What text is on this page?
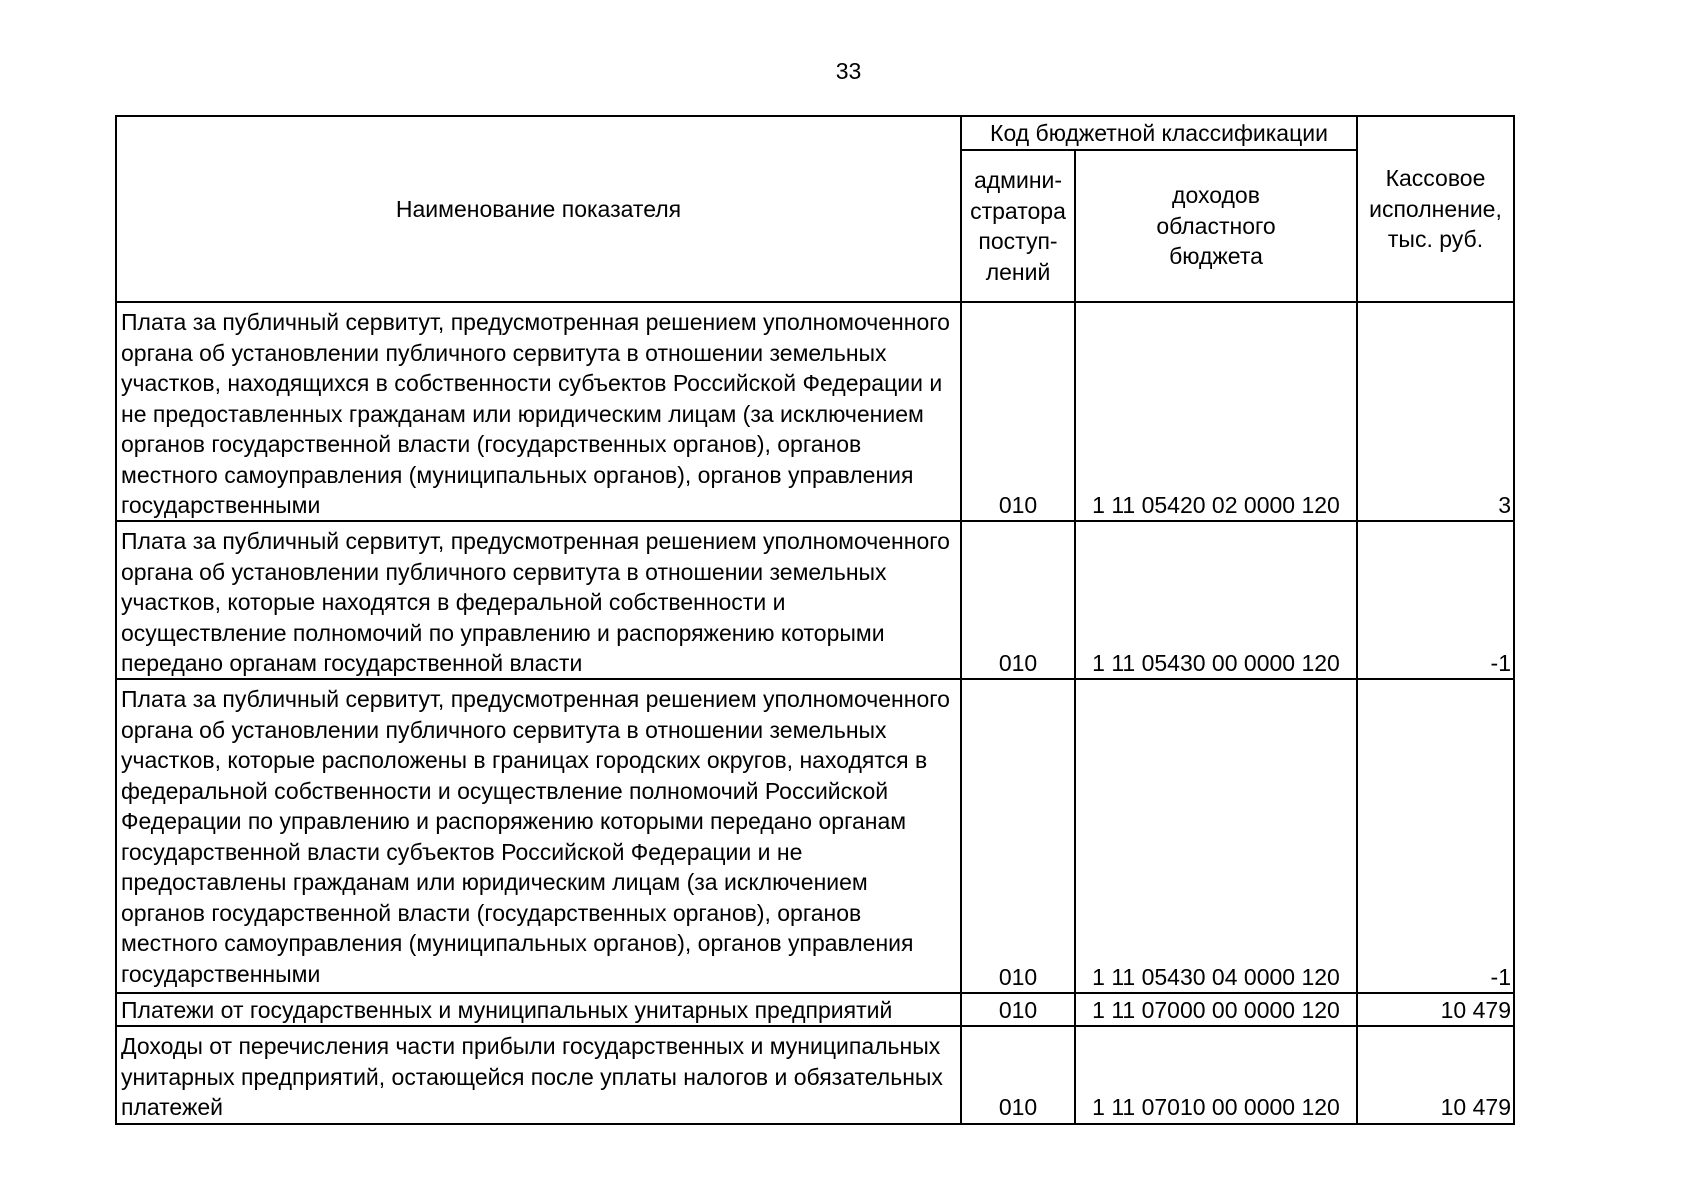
33
Наименование показателя	Код бюджетной классификации		Кассовое
исполнение,
тыс. руб.

	админи-
стратора
поступ-
лений	доходов
областного
бюджета	

Плата за публичный сервитут, предусмотренная решением уполномоченного органа об установлении публичного сервитута в отношении земельных участков, находящихся в собственности субъектов Российской Федерации и не предоставленных гражданам или юридическим лицам (за исключением органов государственной власти (государственных органов), органов местного самоуправления (муниципальных органов), органов управления государственными	010	1 11 05420 02 0000 120	3

Плата за публичный сервитут, предусмотренная решением уполномоченного органа об установлении публичного сервитута в отношении земельных участков, которые находятся в федеральной собственности и осуществление полномочий по управлению и распоряжению которыми передано органам государственной власти	010	1 11 05430 00 0000 120	-1

Плата за публичный сервитут, предусмотренная решением уполномоченного органа об установлении публичного сервитута в отношении земельных участков, которые расположены в границах городских округов, находятся в федеральной собственности и осуществление полномочий Российской Федерации по управлению и распоряжению которыми передано органам государственной власти субъектов Российской Федерации и не предоставлены гражданам или юридическим лицам (за исключением органов государственной власти (государственных органов), органов местного самоуправления (муниципальных органов), органов управления государственными	010	1 11 05430 04 0000 120	-1

Платежи от государственных и муниципальных унитарных предприятий	010	1 11 07000 00 0000 120	10 479

Доходы от перечисления части прибыли государственных и муниципальных унитарных предприятий, остающейся после уплаты налогов и обязательных платежей	010	1 11 07010 00 0000 120	10 479
